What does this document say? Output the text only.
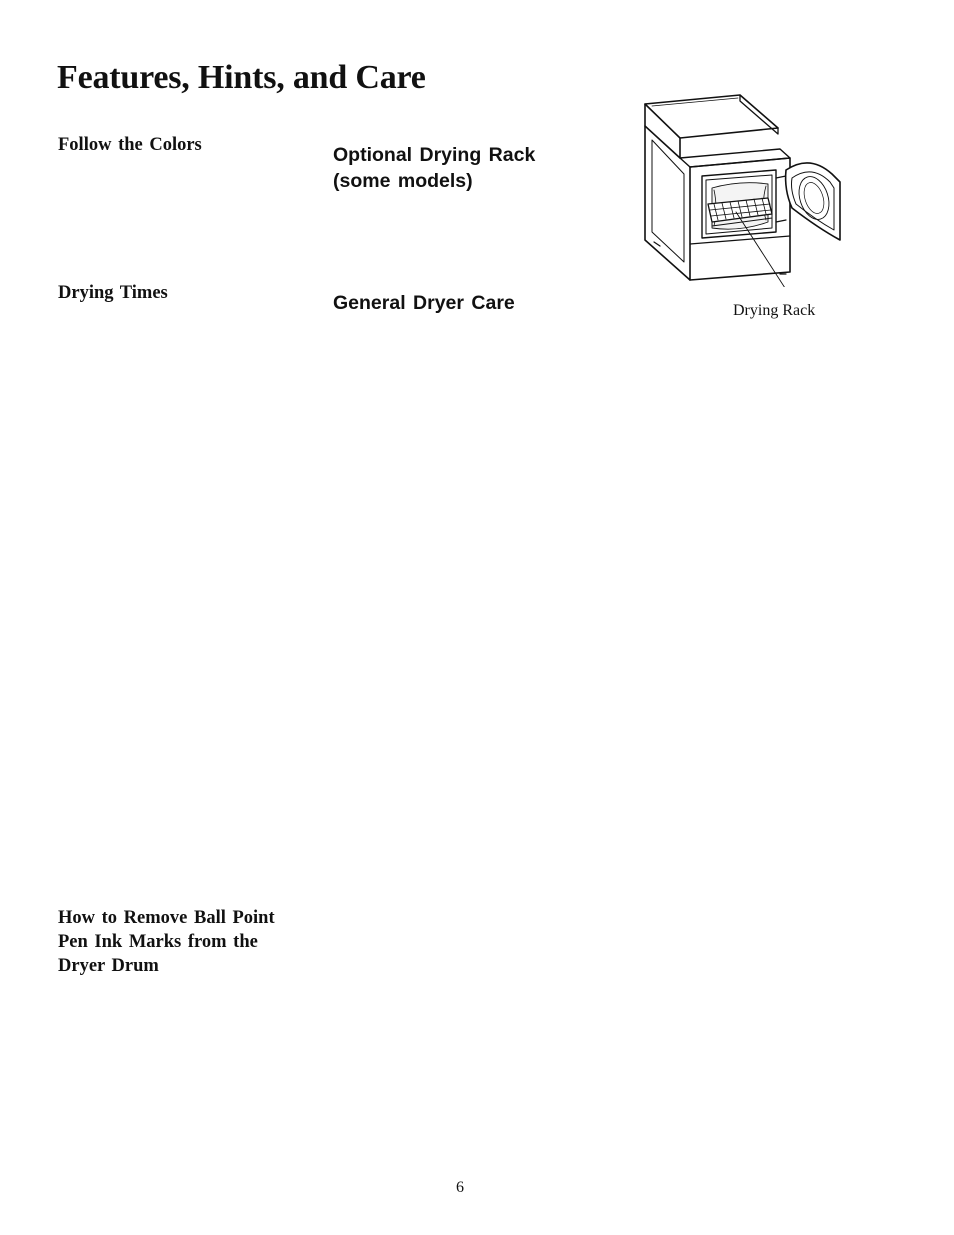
Features, Hints, and Care
Follow the Colors
Drying Times
How to Remove Ball Point
Pen Ink Marks from the
Dryer Drum
Optional Drying Rack
(some models)
General Dryer Care	Drying Rack
6
